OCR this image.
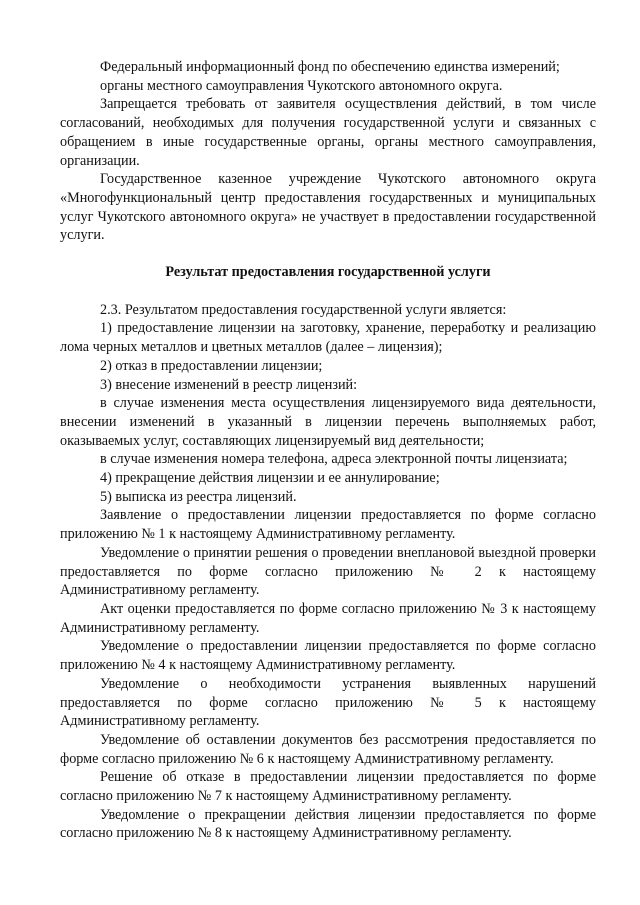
Федеральный информационный фонд по обеспечению единства измерений;

органы местного самоуправления Чукотского автономного округа.

Запрещается требовать от заявителя осуществления действий, в том числе согласований, необходимых для получения государственной услуги и связанных с обращением в иные государственные органы, органы местного самоуправления, организации.

Государственное казенное учреждение Чукотского автономного округа «Многофункциональный центр предоставления государственных и муниципальных услуг Чукотского автономного округа» не участвует в предоставлении государственной услуги.

Результат предоставления государственной услуги

2.3. Результатом предоставления государственной услуги является:

1) предоставление лицензии на заготовку, хранение, переработку и реализацию лома черных металлов и цветных металлов (далее – лицензия);

2) отказ в предоставлении лицензии;

3) внесение изменений в реестр лицензий:

в случае изменения места осуществления лицензируемого вида деятельности, внесении изменений в указанный в лицензии перечень выполняемых работ, оказываемых услуг, составляющих лицензируемый вид деятельности;

в случае изменения номера телефона, адреса электронной почты лицензиата;

4) прекращение действия лицензии и ее аннулирование;

5) выписка из реестра лицензий.

Заявление о предоставлении лицензии предоставляется по форме согласно приложению № 1 к настоящему Административному регламенту.

Уведомление о принятии решения о проведении внеплановой выездной проверки предоставляется по форме согласно приложению № 2 к настоящему Административному регламенту.

Акт оценки предоставляется по форме согласно приложению № 3 к настоящему Административному регламенту.

Уведомление о предоставлении лицензии предоставляется по форме согласно приложению № 4 к настоящему Административному регламенту.

Уведомление о необходимости устранения выявленных нарушений предоставляется по форме согласно приложению № 5 к настоящему Административному регламенту.

Уведомление об оставлении документов без рассмотрения предоставляется по форме согласно приложению № 6 к настоящему Административному регламенту.

Решение об отказе в предоставлении лицензии предоставляется по форме согласно приложению № 7 к настоящему Административному регламенту.

Уведомление о прекращении действия лицензии предоставляется по форме согласно приложению № 8 к настоящему Административному регламенту.
